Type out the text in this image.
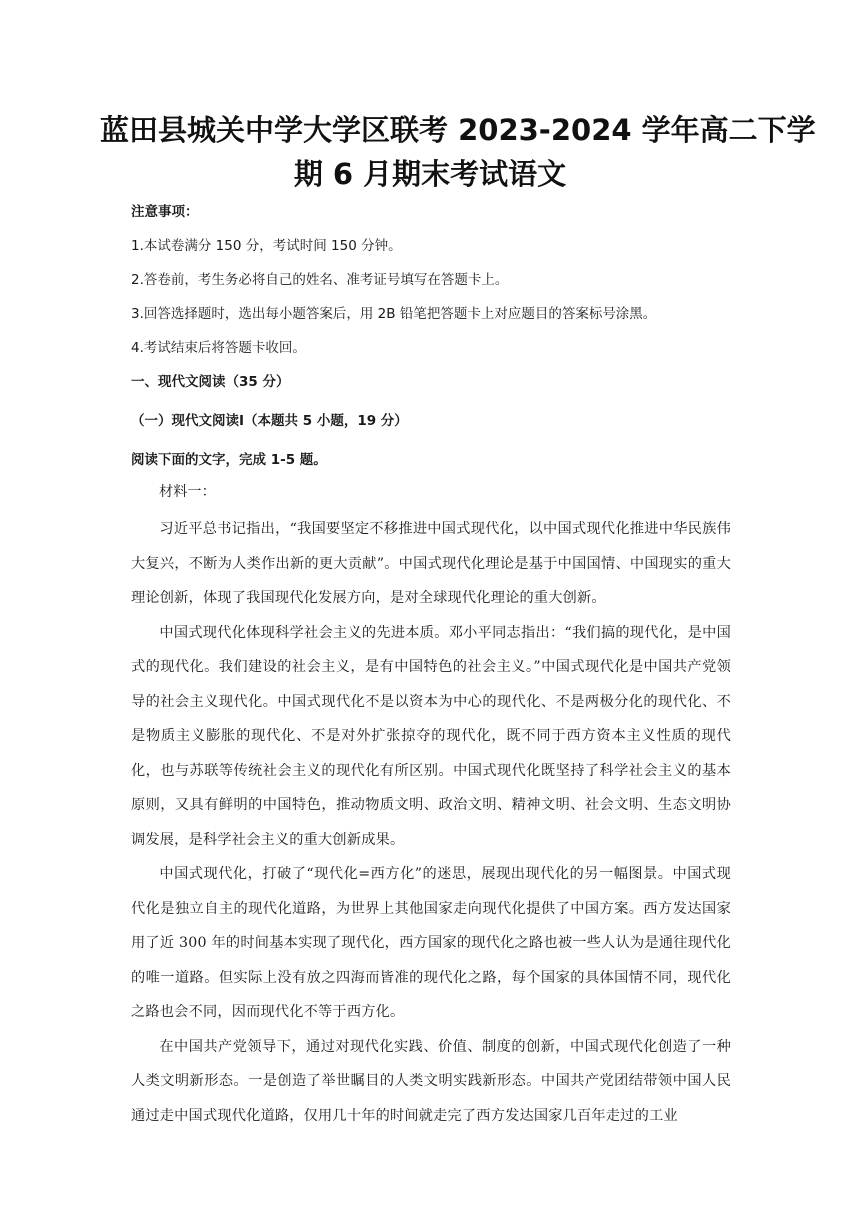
蓝田县城关中学大学区联考 2023-2024 学年高二下学
期 6 月期末考试语文
注意事项：
1.本试卷满分 150 分，考试时间 150 分钟。
2.答卷前，考生务必将自己的姓名、准考证号填写在答题卡上。
3.回答选择题时，选出每小题答案后，用 2B 铅笔把答题卡上对应题目的答案标号涂黑。
4.考试结束后将答题卡收回。
一、现代文阅读（35 分）
（一）现代文阅读Ⅰ（本题共 5 小题，19 分）
阅读下面的文字，完成 1-5 题。
材料一：

习近平总书记指出，“我国要坚定不移推进中国式现代化，以中国式现代化推进中华民族伟大复兴，不断为人类作出新的更大贡献”。中国式现代化理论是基于中国国情、中国现实的重大理论创新，体现了我国现代化发展方向，是对全球现代化理论的重大创新。

中国式现代化体现科学社会主义的先进本质。邓小平同志指出：“我们搞的现代化，是中国式的现代化。我们建设的社会主义，是有中国特色的社会主义。”中国式现代化是中国共产党领导的社会主义现代化。中国式现代化不是以资本为中心的现代化、不是两极分化的现代化、不是物质主义膨胀的现代化、不是对外扩张掠夺的现代化，既不同于西方资本主义性质的现代化，也与苏联等传统社会主义的现代化有所区别。中国式现代化既坚持了科学社会主义的基本原则，又具有鲜明的中国特色，推动物质文明、政治文明、精神文明、社会文明、生态文明协调发展，是科学社会主义的重大创新成果。

中国式现代化，打破了“现代化=西方化”的迷思，展现出现代化的另一幅图景。中国式现代化是独立自主的现代化道路，为世界上其他国家走向现代化提供了中国方案。西方发达国家用了近 300 年的时间基本实现了现代化，西方国家的现代化之路也被一些人认为是通往现代化的唯一道路。但实际上没有放之四海而皆准的现代化之路，每个国家的具体国情不同，现代化之路也会不同，因而现代化不等于西方化。

在中国共产党领导下，通过对现代化实践、价值、制度的创新，中国式现代化创造了一种人类文明新形态。一是创造了举世瞩目的人类文明实践新形态。中国共产党团结带领中国人民通过走中国式现代化道路，仅用几十年的时间就走完了西方发达国家几百年走过的工业
